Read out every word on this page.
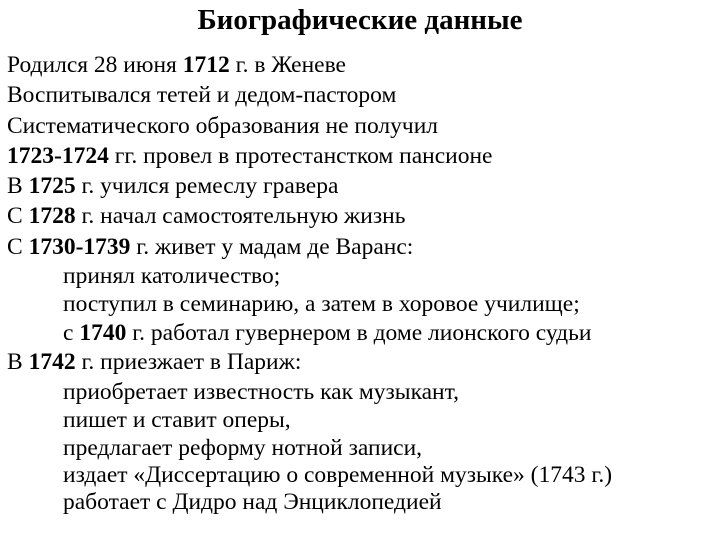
Биографические данные
Родился 28 июня 1712 г. в Женеве
Воспитывался тетей и дедом-пастором
Систематического образования не получил
1723-1724 гг. провел в протестанстком пансионе
В 1725 г. учился ремеслу гравера
С 1728 г. начал самостоятельную жизнь
С 1730-1739 г. живет у мадам де Варанс:
принял католичество;
поступил в семинарию, а затем в хоровое училище;
с 1740 г. работал гувернером в доме лионского судьи
В 1742 г. приезжает в Париж:
приобретает известность как музыкант,
пишет и ставит оперы,
предлагает реформу нотной записи,
издает «Диссертацию о современной музыке» (1743 г.)
работает с Дидро над Энциклопедией
